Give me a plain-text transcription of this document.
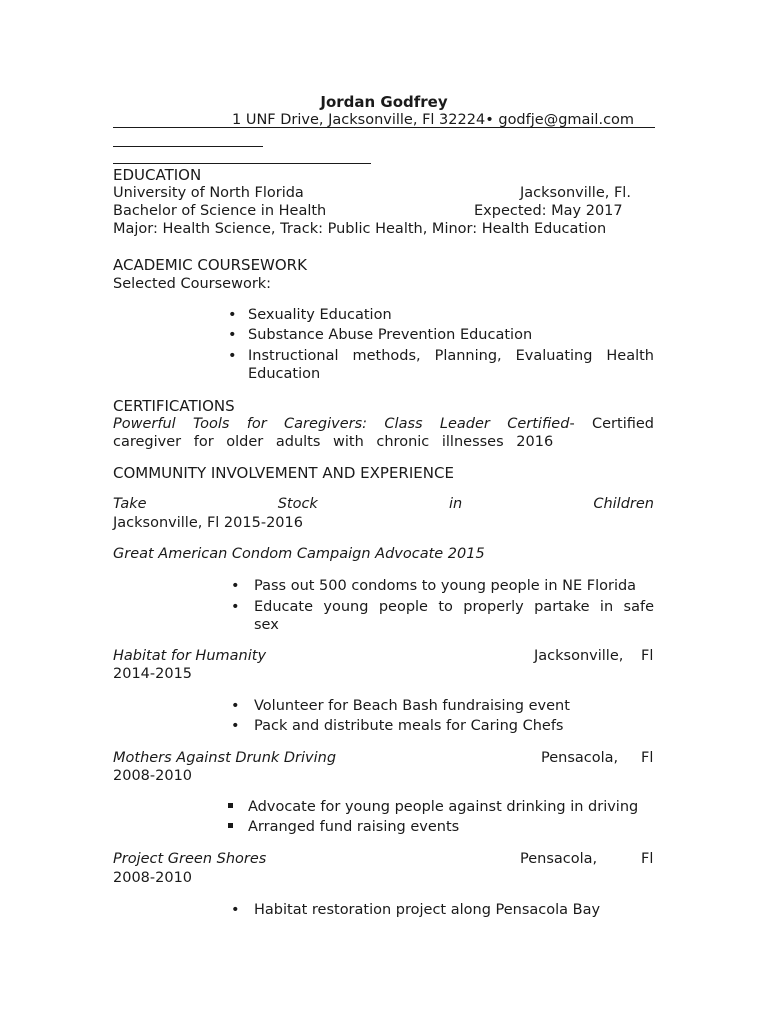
Jordan Godfrey
1 UNF Drive, Jacksonville, Fl 32224• godfje@gmail.com
EDUCATION
University of North Florida	Jacksonville, Fl.
Bachelor of Science in Health	Expected: May 2017
Major: Health Science, Track: Public Health, Minor: Health Education
ACADEMIC COURSEWORK
Selected Coursework:
• Sexuality Education
• Substance Abuse Prevention Education
• Instructional methods, Planning, Evaluating Health Education
CERTIFICATIONS
Powerful Tools for Caregivers: Class Leader Certified- Certified caregiver for older adults with chronic illnesses 2016
COMMUNITY INVOLVEMENT AND EXPERIENCE
Take	Stock	in	Children
Jacksonville, Fl 2015-2016
Great American Condom Campaign Advocate 2015
• Pass out 500 condoms to young people in NE Florida
• Educate young people to properly partake in safe sex
Habitat for Humanity	Jacksonville, Fl
2014-2015
• Volunteer for Beach Bash fundraising event
• Pack and distribute meals for Caring Chefs
Mothers Against Drunk Driving	Pensacola, Fl
2008-2010
Advocate for young people against drinking in driving
Arranged fund raising events
Project Green Shores	Pensacola,	Fl
2008-2010
• Habitat restoration project along Pensacola Bay
